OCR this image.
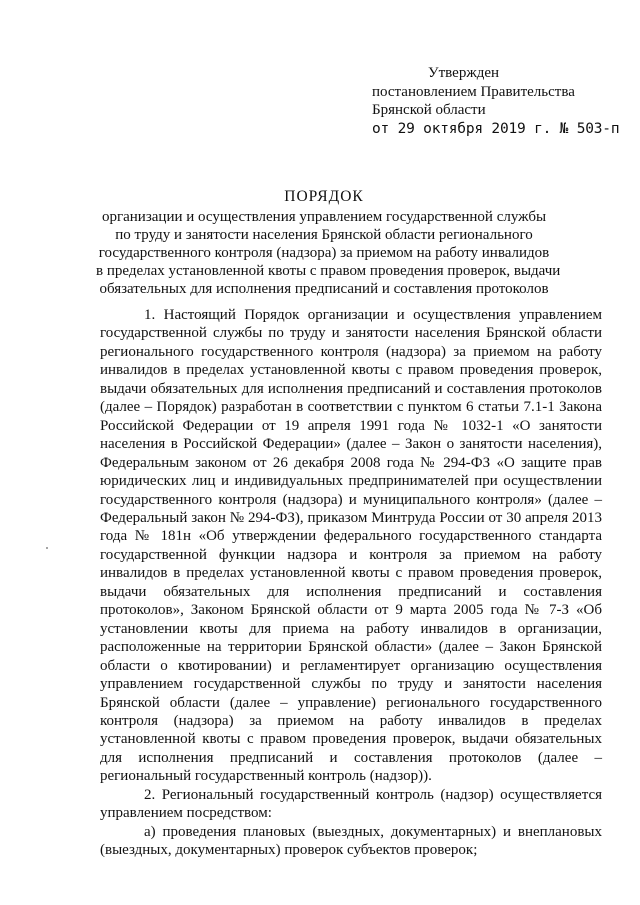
Утвержден
постановлением Правительства
Брянской области
от 29 октября 2019 г. № 503-п
ПОРЯДОК
организации и осуществления управлением государственной службы
по труду и занятости населения Брянской области регионального
государственного контроля (надзора) за приемом на работу инвалидов
в пределах установленной квоты с правом проведения проверок, выдачи
обязательных для исполнения предписаний и составления протоколов

1. Настоящий Порядок организации и осуществления управлением государственной службы по труду и занятости населения Брянской области регионального государственного контроля (надзора) за приемом на работу инвалидов в пределах установленной квоты с правом проведения проверок, выдачи обязательных для исполнения предписаний и составления протоколов (далее – Порядок) разработан в соответствии с пунктом 6 статьи 7.1-1 Закона Российской Федерации от 19 апреля 1991 года № 1032-1 «О занятости населения в Российской Федерации» (далее – Закон о занятости населения), Федеральным законом от 26 декабря 2008 года № 294-ФЗ «О защите прав юридических лиц и индивидуальных предпринимателей при осуществлении государственного контроля (надзора) и муниципального контроля» (далее – Федеральный закон № 294-ФЗ), приказом Минтруда России от 30 апреля 2013 года № 181н «Об утверждении федерального государственного стандарта государственной функции надзора и контроля за приемом на работу инвалидов в пределах установленной квоты с правом проведения проверок, выдачи обязательных для исполнения предписаний и составления протоколов», Законом Брянской области от 9 марта 2005 года № 7-З «Об установлении квоты для приема на работу инвалидов в организации, расположенные на территории Брянской области» (далее – Закон Брянской области о квотировании) и регламентирует организацию осуществления управлением государственной службы по труду и занятости населения Брянской области (далее – управление) регионального государственного контроля (надзора) за приемом на работу инвалидов в пределах установленной квоты с правом проведения проверок, выдачи обязательных для исполнения предписаний и составления протоколов (далее – региональный государственный контроль (надзор)).

2. Региональный государственный контроль (надзор) осуществляется управлением посредством:

а) проведения плановых (выездных, документарных) и внеплановых (выездных, документарных) проверок субъектов проверок;
